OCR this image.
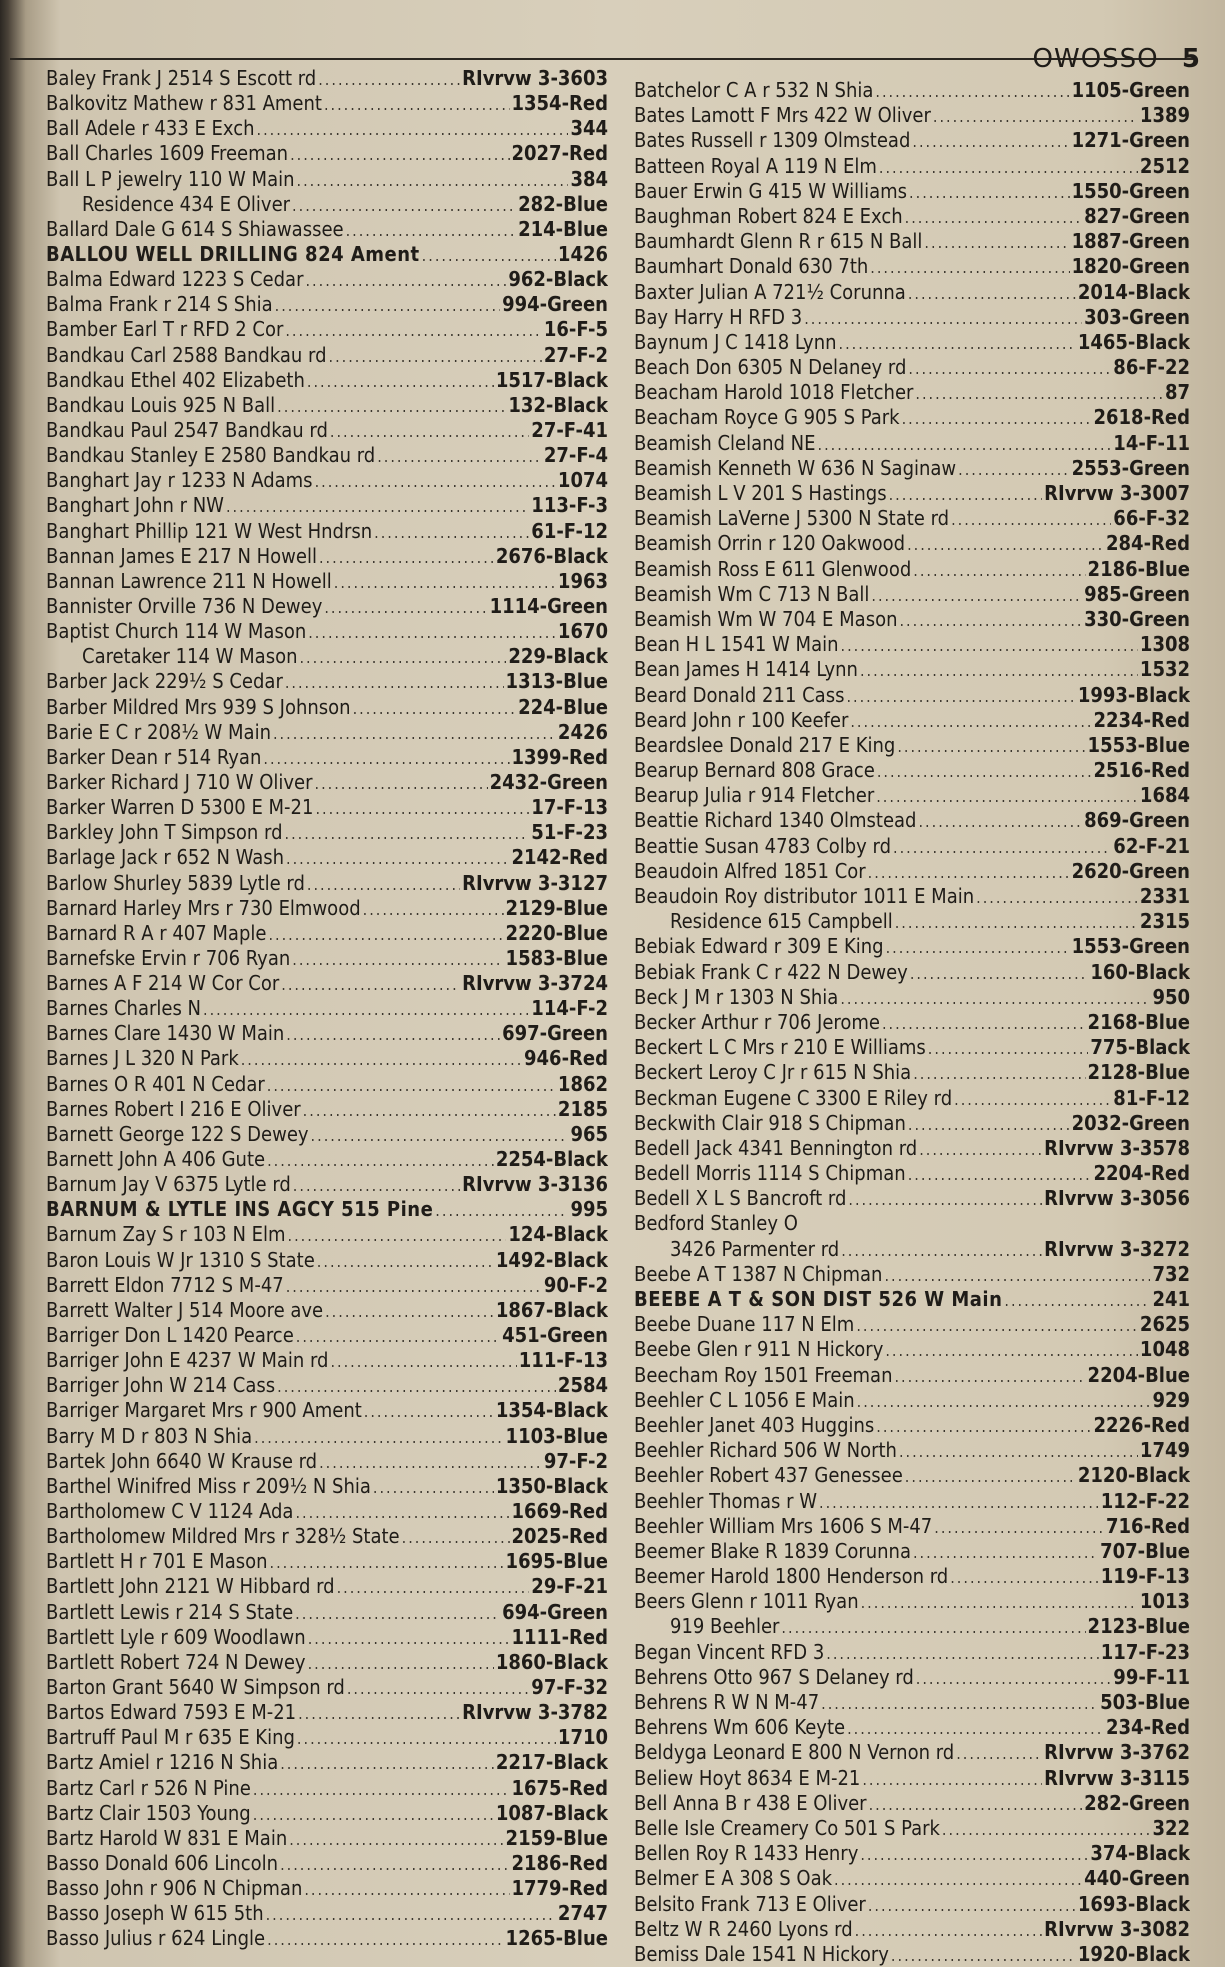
OWOSSO 5
Baley Frank J 2514 S Escott rd .....	RIvrvw 3-3603
Balkovitz Mathew r 831 Ament .....	1354-Red
Ball Adele r 433 E Exch .....	344
Ball Charles 1609 Freeman .....	2027-Red
Ball L P jewelry 110 W Main .....	384
Residence 434 E Oliver .....	282-Blue
Ballard Dale G 614 S Shiawassee .....	214-Blue
BALLOU WELL DRILLING 824 Ament .....	1426
Balma Edward 1223 S Cedar .....	962-Black
Balma Frank r 214 S Shia .....	994-Green
Bamber Earl T r RFD 2 Cor .....	16-F-5
Bandkau Carl 2588 Bandkau rd .....	27-F-2
Bandkau Ethel 402 Elizabeth .....	1517-Black
Bandkau Louis 925 N Ball .....	132-Black
Bandkau Paul 2547 Bandkau rd .....	27-F-41
Bandkau Stanley E 2580 Bandkau rd .....	27-F-4
Banghart Jay r 1233 N Adams .....	1074
Banghart John r NW .....	113-F-3
Banghart Phillip 121 W West Hndrsn .....	61-F-12
Bannan James E 217 N Howell .....	2676-Black
Bannan Lawrence 211 N Howell .....	1963
Bannister Orville 736 N Dewey .....	1114-Green
Baptist Church 114 W Mason .....	1670
Caretaker 114 W Mason .....	229-Black
Barber Jack 229½ S Cedar .....	1313-Blue
Barber Mildred Mrs 939 S Johnson .....	224-Blue
Barie E C r 208½ W Main .....	2426
Barker Dean r 514 Ryan .....	1399-Red
Barker Richard J 710 W Oliver .....	2432-Green
Barker Warren D 5300 E M-21 .....	17-F-13
Barkley John T Simpson rd .....	51-F-23
Barlage Jack r 652 N Wash .....	2142-Red
Barlow Shurley 5839 Lytle rd .....	RIvrvw 3-3127
Barnard Harley Mrs r 730 Elmwood .....	2129-Blue
Barnard R A r 407 Maple .....	2220-Blue
Barnefske Ervin r 706 Ryan .....	1583-Blue
Barnes A F 214 W Cor Cor .....	RIvrvw 3-3724
Barnes Charles N .....	114-F-2
Barnes Clare 1430 W Main .....	697-Green
Barnes J L 320 N Park .....	946-Red
Barnes O R 401 N Cedar .....	1862
Barnes Robert I 216 E Oliver .....	2185
Barnett George 122 S Dewey .....	965
Barnett John A 406 Gute .....	2254-Black
Barnum Jay V 6375 Lytle rd .....	RIvrvw 3-3136
BARNUM & LYTLE INS AGCY 515 Pine .....	995
Barnum Zay S r 103 N Elm .....	124-Black
Baron Louis W Jr 1310 S State .....	1492-Black
Barrett Eldon 7712 S M-47 .....	90-F-2
Barrett Walter J 514 Moore ave .....	1867-Black
Barriger Don L 1420 Pearce .....	451-Green
Barriger John E 4237 W Main rd .....	111-F-13
Barriger John W 214 Cass .....	2584
Barriger Margaret Mrs r 900 Ament .....	1354-Black
Barry M D r 803 N Shia .....	1103-Blue
Bartek John 6640 W Krause rd .....	97-F-2
Barthel Winifred Miss r 209½ N Shia .....	1350-Black
Bartholomew C V 1124 Ada .....	1669-Red
Bartholomew Mildred Mrs r 328½ State .....	2025-Red
Bartlett H r 701 E Mason .....	1695-Blue
Bartlett John 2121 W Hibbard rd .....	29-F-21
Bartlett Lewis r 214 S State .....	694-Green
Bartlett Lyle r 609 Woodlawn .....	1111-Red
Bartlett Robert 724 N Dewey .....	1860-Black
Barton Grant 5640 W Simpson rd .....	97-F-32
Bartos Edward 7593 E M-21 .....	RIvrvw 3-3782
Bartruff Paul M r 635 E King .....	1710
Bartz Amiel r 1216 N Shia .....	2217-Black
Bartz Carl r 526 N Pine .....	1675-Red
Bartz Clair 1503 Young .....	1087-Black
Bartz Harold W 831 E Main .....	2159-Blue
Basso Donald 606 Lincoln .....	2186-Red
Basso John r 906 N Chipman .....	1779-Red
Basso Joseph W 615 5th .....	2747
Basso Julius r 624 Lingle .....	1265-Blue
Batchelor C A r 532 N Shia .....	1105-Green
Bates Lamott F Mrs 422 W Oliver .....	1389
Bates Russell r 1309 Olmstead .....	1271-Green
Batteen Royal A 119 N Elm .....	2512
Bauer Erwin G 415 W Williams .....	1550-Green
Baughman Robert 824 E Exch .....	827-Green
Baumhardt Glenn R r 615 N Ball .....	1887-Green
Baumhart Donald 630 7th .....	1820-Green
Baxter Julian A 721½ Corunna .....	2014-Black
Bay Harry H RFD 3 .....	303-Green
Baynum J C 1418 Lynn .....	1465-Black
Beach Don 6305 N Delaney rd .....	86-F-22
Beacham Harold 1018 Fletcher .....	87
Beacham Royce G 905 S Park .....	2618-Red
Beamish Cleland NE .....	14-F-11
Beamish Kenneth W 636 N Saginaw .....	2553-Green
Beamish L V 201 S Hastings .....	RIvrvw 3-3007
Beamish LaVerne J 5300 N State rd .....	66-F-32
Beamish Orrin r 120 Oakwood .....	284-Red
Beamish Ross E 611 Glenwood .....	2186-Blue
Beamish Wm C 713 N Ball .....	985-Green
Beamish Wm W 704 E Mason .....	330-Green
Bean H L 1541 W Main .....	1308
Bean James H 1414 Lynn .....	1532
Beard Donald 211 Cass .....	1993-Black
Beard John r 100 Keefer .....	2234-Red
Beardslee Donald 217 E King .....	1553-Blue
Bearup Bernard 808 Grace .....	2516-Red
Bearup Julia r 914 Fletcher .....	1684
Beattie Richard 1340 Olmstead .....	869-Green
Beattie Susan 4783 Colby rd .....	62-F-21
Beaudoin Alfred 1851 Cor .....	2620-Green
Beaudoin Roy distributor 1011 E Main .....	2331
Residence 615 Campbell .....	2315
Bebiak Edward r 309 E King .....	1553-Green
Bebiak Frank C r 422 N Dewey .....	160-Black
Beck J M r 1303 N Shia .....	950
Becker Arthur r 706 Jerome .....	2168-Blue
Beckert L C Mrs r 210 E Williams .....	775-Black
Beckert Leroy C Jr r 615 N Shia .....	2128-Blue
Beckman Eugene C 3300 E Riley rd .....	81-F-12
Beckwith Clair 918 S Chipman .....	2032-Green
Bedell Jack 4341 Bennington rd .....	RIvrvw 3-3578
Bedell Morris 1114 S Chipman .....	2204-Red
Bedell X L S Bancroft rd .....	RIvrvw 3-3056
Bedford Stanley O
3426 Parmenter rd .....	RIvrvw 3-3272
Beebe A T 1387 N Chipman .....	732
BEEBE A T & SON DIST 526 W Main .....	241
Beebe Duane 117 N Elm .....	2625
Beebe Glen r 911 N Hickory .....	1048
Beecham Roy 1501 Freeman .....	2204-Blue
Beehler C L 1056 E Main .....	929
Beehler Janet 403 Huggins .....	2226-Red
Beehler Richard 506 W North .....	1749
Beehler Robert 437 Genessee .....	2120-Black
Beehler Thomas r W .....	112-F-22
Beehler William Mrs 1606 S M-47 .....	716-Red
Beemer Blake R 1839 Corunna .....	707-Blue
Beemer Harold 1800 Henderson rd .....	119-F-13
Beers Glenn r 1011 Ryan .....	1013
919 Beehler .....	2123-Blue
Began Vincent RFD 3 .....	117-F-23
Behrens Otto 967 S Delaney rd .....	99-F-11
Behrens R W N M-47 .....	503-Blue
Behrens Wm 606 Keyte .....	234-Red
Beldyga Leonard E 800 N Vernon rd .....	RIvrvw 3-3762
Beliew Hoyt 8634 E M-21 .....	RIvrvw 3-3115
Bell Anna B r 438 E Oliver .....	282-Green
Belle Isle Creamery Co 501 S Park .....	322
Bellen Roy R 1433 Henry .....	374-Black
Belmer E A 308 S Oak .....	440-Green
Belsito Frank 713 E Oliver .....	1693-Black
Beltz W R 2460 Lyons rd .....	RIvrvw 3-3082
Bemiss Dale 1541 N Hickory .....	1920-Black
